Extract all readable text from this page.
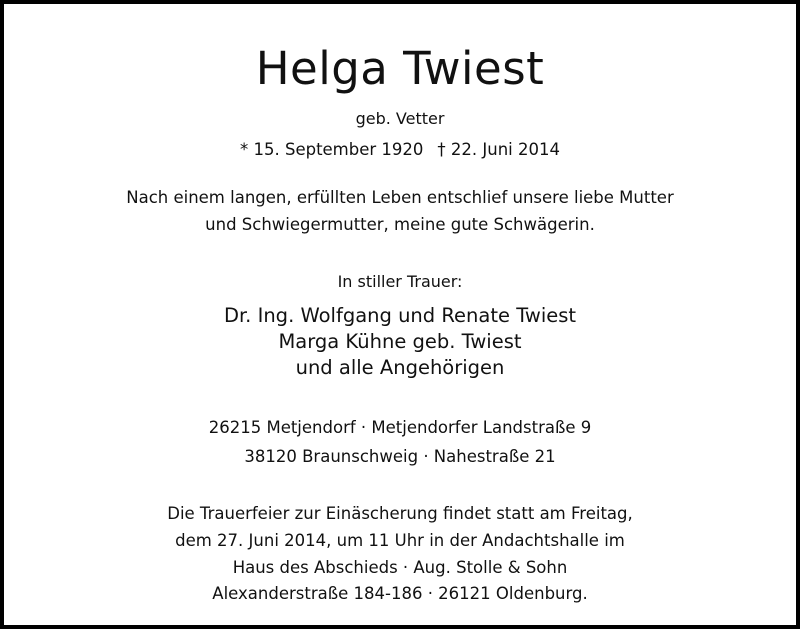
Helga Twiest
geb. Vetter
* 15. September 1920 † 22. Juni 2014
Nach einem langen, erfüllten Leben entschlief unsere liebe Mutter
und Schwiegermutter, meine gute Schwägerin.
In stiller Trauer:
Dr. Ing. Wolfgang und Renate Twiest
Marga Kühne geb. Twiest
und alle Angehörigen
26215 Metjendorf · Metjendorfer Landstraße 9
38120 Braunschweig · Nahestraße 21
Die Trauerfeier zur Einäscherung findet statt am Freitag,
dem 27. Juni 2014, um 11 Uhr in der Andachtshalle im
Haus des Abschieds · Aug. Stolle & Sohn
Alexanderstraße 184-186 · 26121 Oldenburg.
